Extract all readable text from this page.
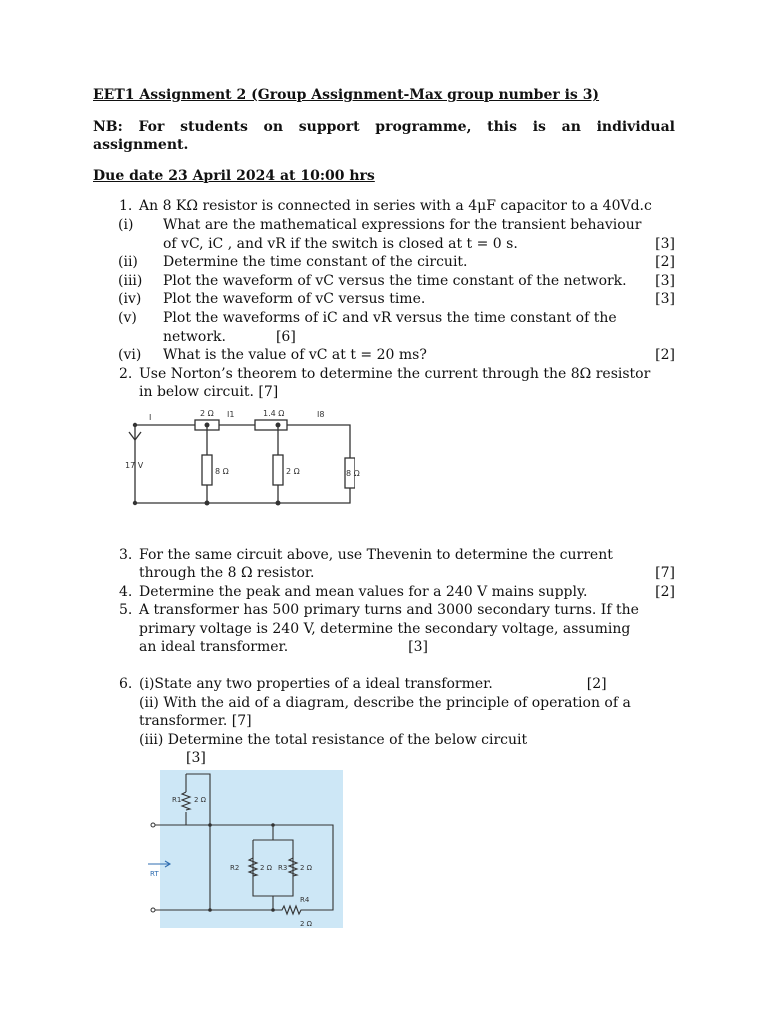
EET1 Assignment 2 (Group Assignment-Max group number is 3)
NB: For students on support programme, this is an individual assignment.
Due date 23 April 2024 at 10:00 hrs
1. An 8 KΩ resistor is connected in series with a 4μF capacitor to a 40Vd.c
(i) What are the mathematical expressions for the transient behaviour
of vC, iC , and vR if the switch is closed at t = 0 s.	[3]
(ii) Determine the time constant of the circuit.	[2]
(iii) Plot the waveform of vC versus the time constant of the network. [3]
(iv) Plot the waveform of vC versus time.	[3]
(v) Plot the waveforms of iC and vR versus the time constant of the
network.	[6]
(vi) What is the value of vC at t = 20 ms?	[2]
2. Use Norton’s theorem to determine the current through the 8Ω resistor
in below circuit. [7]
I	2 Ω I1	1.4 Ω	I8
17 V
8 Ω	2 Ω	8 Ω
3. For the same circuit above, use Thevenin to determine the current
through the 8 Ω resistor.	[7]
4. Determine the peak and mean values for a 240 V mains supply.	[2]
5. A transformer has 500 primary turns and 3000 secondary turns. If the
primary voltage is 240 V, determine the secondary voltage, assuming
an ideal transformer.	[3]
6. (i)State any two properties of a ideal transformer.	[2]
(ii) With the aid of a diagram, describe the principle of operation of a
transformer. [7]
(iii) Determine the total resistance of the below circuit
[3]
R1 2 Ω
R2	2 Ω R3 2 Ω
R4
2 Ω
RT
